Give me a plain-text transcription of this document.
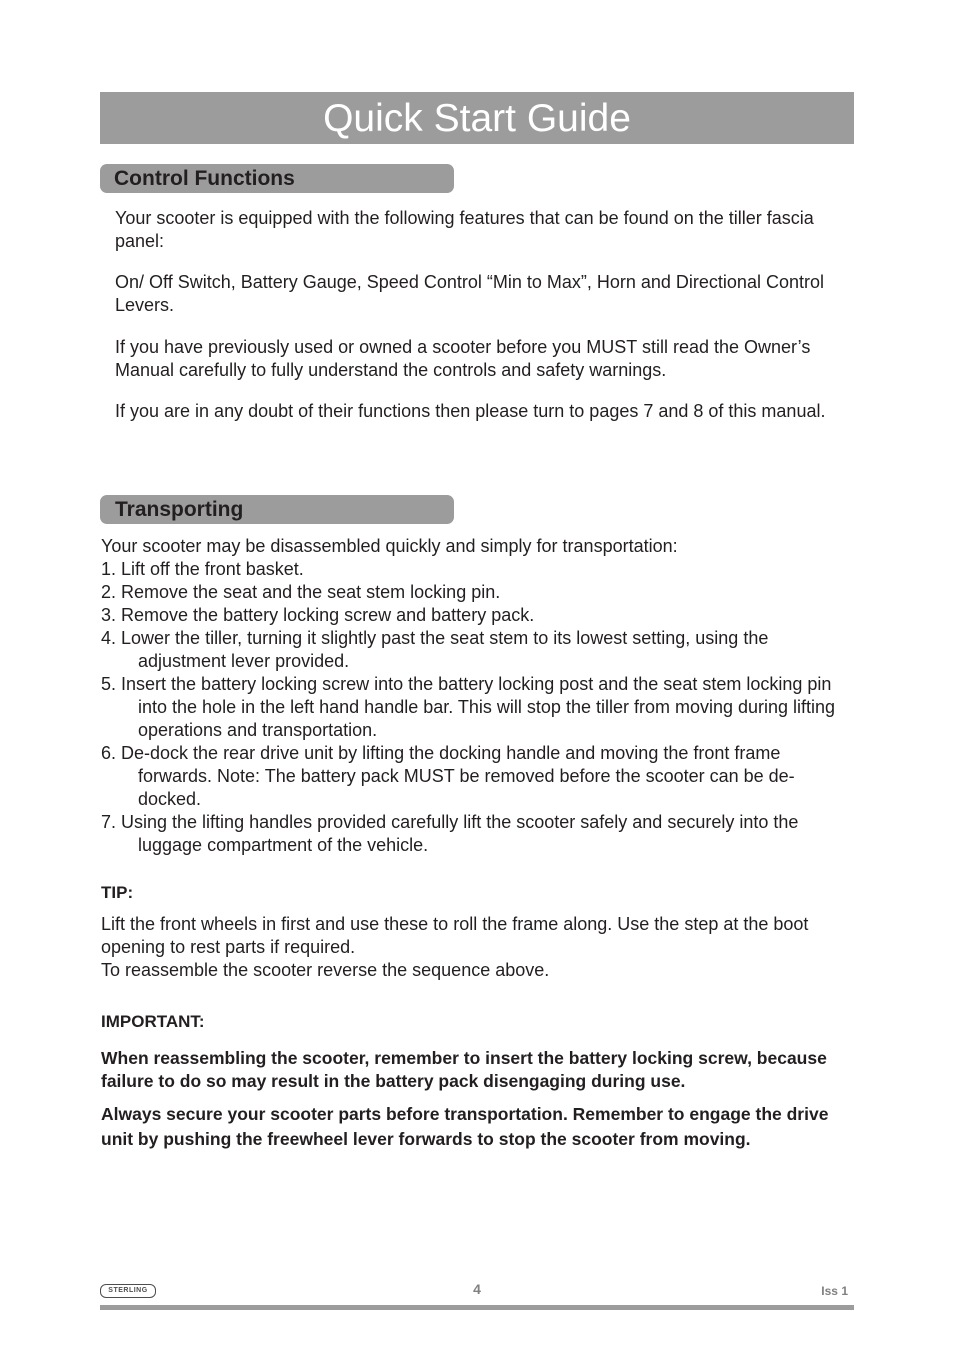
Quick Start Guide
Control Functions
Your scooter is equipped with the following features that can be found on the tiller fascia panel:
On/ Off Switch, Battery Gauge, Speed Control “Min to Max”, Horn and Directional Control Levers.
If you have previously used or owned a scooter before you MUST still read the Owner’s Manual carefully to fully understand the controls and safety warnings.
If you are in any doubt of their functions then please turn to pages 7 and 8 of this manual.
Transporting
Your scooter may be disassembled quickly and simply for transportation:
1. Lift off the front basket.
2. Remove the seat and the seat stem locking pin.
3. Remove the battery locking screw and battery pack.
4. Lower the tiller, turning it slightly past the seat stem to its lowest setting, using the adjustment lever provided.
5. Insert the battery locking screw into the battery locking post and the seat stem locking pin into the hole in the left hand handle bar. This will stop the tiller from moving during lifting operations and transportation.
6. De-dock the rear drive unit by lifting the docking handle and moving the front frame forwards. Note: The battery pack MUST be removed before the scooter can be de-docked.
7. Using the lifting handles provided carefully lift the scooter safely and securely into the luggage compartment of the vehicle.
TIP:
Lift the front wheels in first and use these to roll the frame along. Use the step at the boot opening to rest parts if required.
To reassemble the scooter reverse the sequence above.
IMPORTANT:
When reassembling the scooter, remember to insert the battery locking screw, because failure to do so may result in the battery pack disengaging during use.
Always secure your scooter parts before transportation. Remember to engage the drive unit by pushing the freewheel lever forwards to stop the scooter from moving.
STERLING	4	Iss 1
